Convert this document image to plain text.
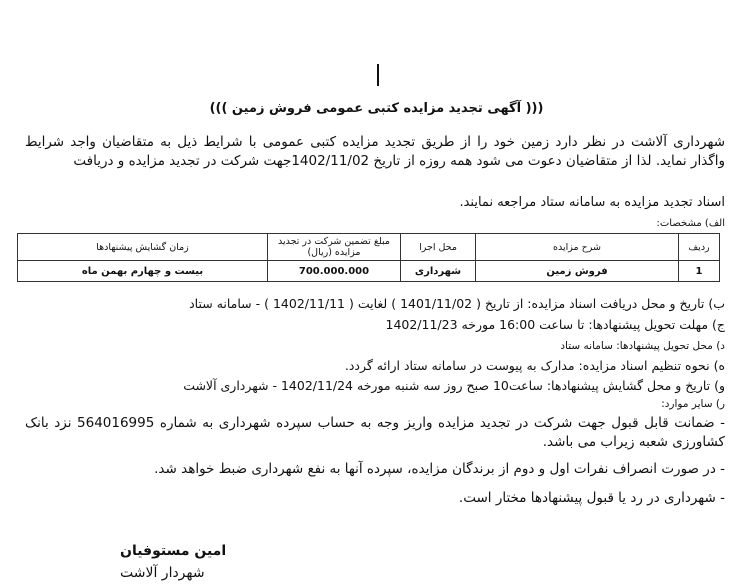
((( آگهی تجدید مزایده کتبی عمومی فروش زمین )))
شهرداری آلاشت در نظر دارد زمین خود را از طریق تجدید مزایده کتبی عمومی با شرایط ذیل به متقاضیان واجد شرایط واگذار نماید. لذا از متقاضیان دعوت می شود همه روزه از تاریخ 1402/11/02جهت شرکت در تجدید مزایده و دریافت
اسناد تجدید مزایده به سامانه ستاد مراجعه نمایند.
الف) مشخصات:
ردیف	شرح مزایده	محل اجرا	مبلغ تضمین شرکت در تجدید مزایده (ریال)	زمان گشایش پیشنهادها
1	فروش زمین	شهرداری	700.000.000	بیست و چهارم بهمن ماه
ب) تاریخ و محل دریافت اسناد مزایده: از تاریخ ( 1401/11/02 ) لغایت ( 1402/11/11 ) - سامانه ستاد
ج) مهلت تحویل پیشنهادها: تا ساعت 16:00 مورخه 1402/11/23
د) محل تحویل پیشنهادها: سامانه ستاد
ه) نحوه تنظیم اسناد مزایده: مدارک به پیوست در سامانه ستاد ارائه گردد.
و) تاریخ و محل گشایش پیشنهادها: ساعت10 صبح روز سه شنبه مورخه 1402/11/24 - شهرداری آلاشت
ر) سایر موارد:
- ضمانت قابل قبول جهت شرکت در تجدید مزایده واریز وجه به حساب سپرده شهرداری به شماره 564016995 نزد بانک کشاورزی شعبه زیراب می باشد.
- در صورت انصراف نفرات اول و دوم از برندگان مزایده، سپرده آنها به نفع شهرداری ضبط خواهد شد.
- شهرداری در رد یا قبول پیشنهادها مختار است.
امین مستوفیان
شهردار آلاشت
